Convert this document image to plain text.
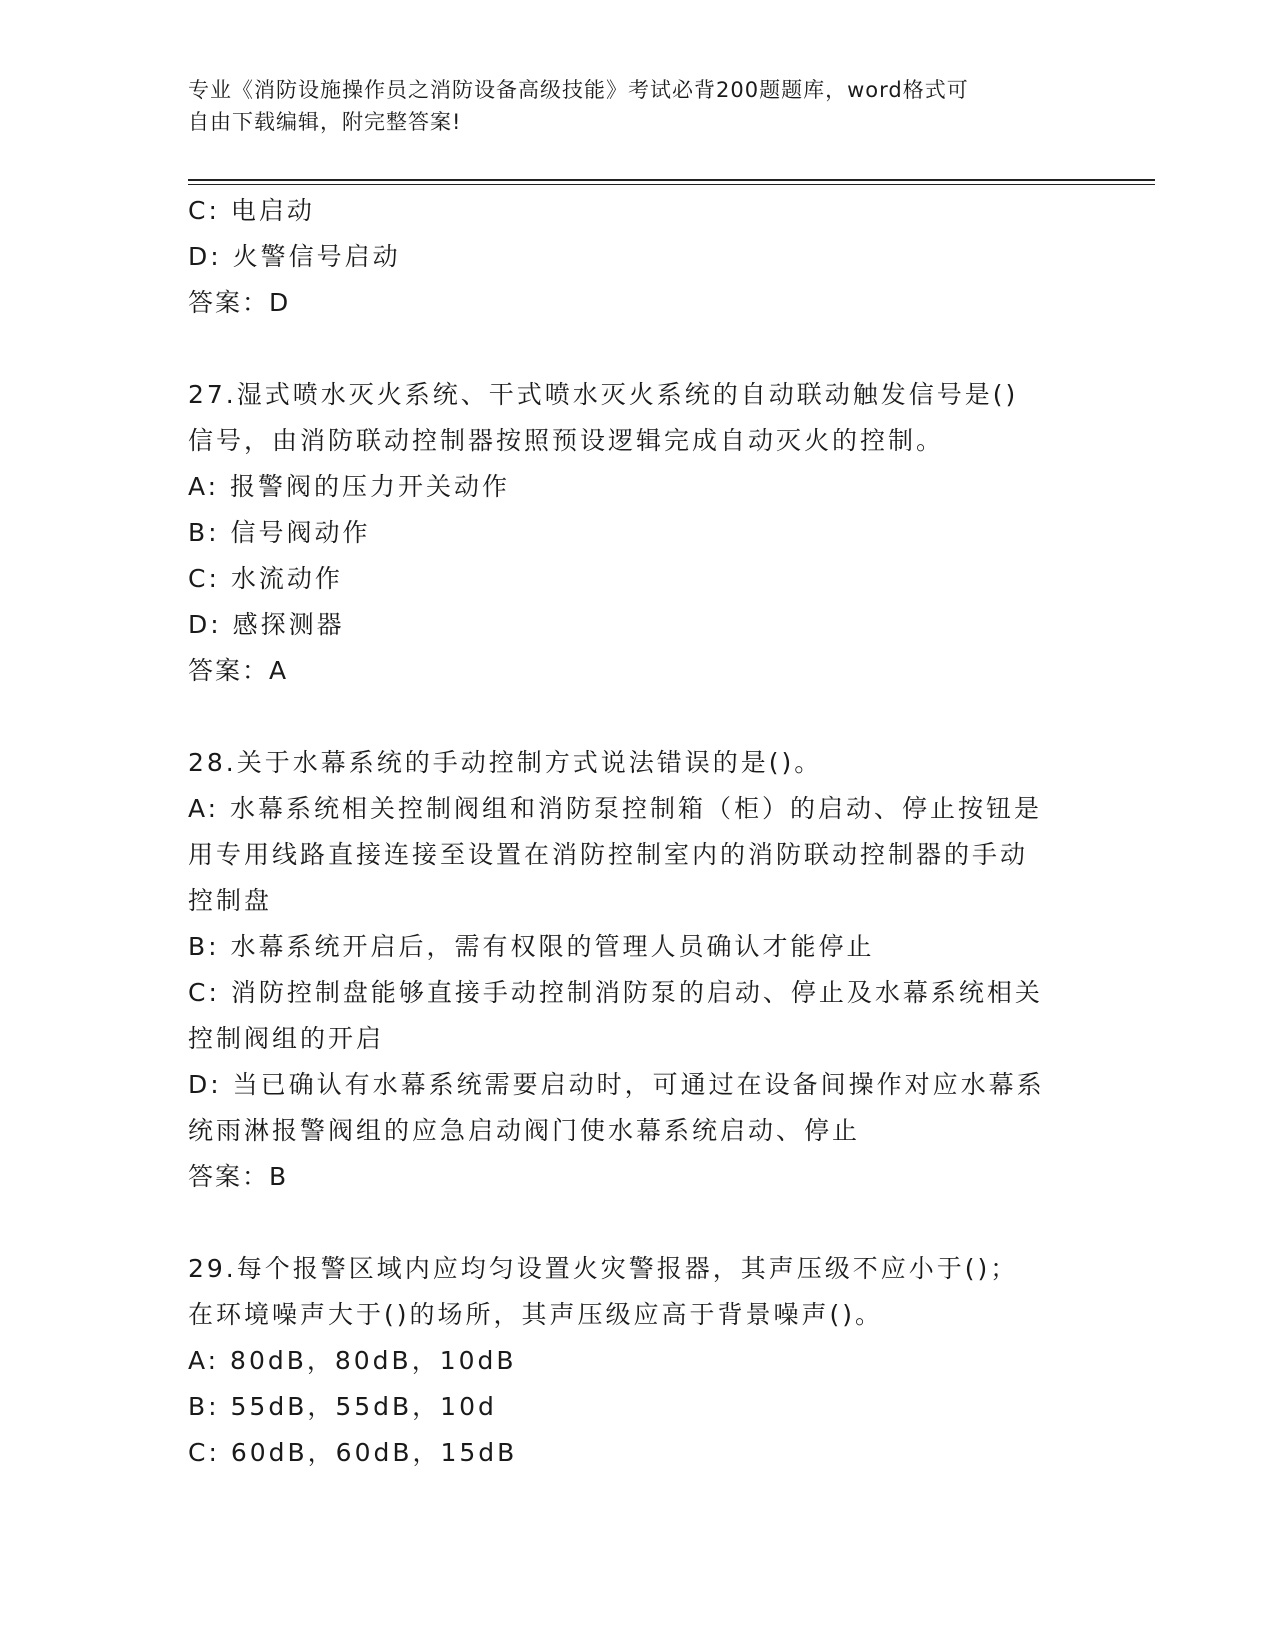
专业《消防设施操作员之消防设备高级技能》考试必背200题题库，word格式可
自由下载编辑，附完整答案!
C: 电启动
D: 火警信号启动
答案：D
27.湿式喷水灭火系统、干式喷水灭火系统的自动联动触发信号是()
信号，由消防联动控制器按照预设逻辑完成自动灭火的控制。
A: 报警阀的压力开关动作
B: 信号阀动作
C: 水流动作
D: 感探测器
答案：A
28.关于水幕系统的手动控制方式说法错误的是()。
A: 水幕系统相关控制阀组和消防泵控制箱（柜）的启动、停止按钮是
用专用线路直接连接至设置在消防控制室内的消防联动控制器的手动
控制盘
B: 水幕系统开启后，需有权限的管理人员确认才能停止
C: 消防控制盘能够直接手动控制消防泵的启动、停止及水幕系统相关
控制阀组的开启
D: 当已确认有水幕系统需要启动时，可通过在设备间操作对应水幕系
统雨淋报警阀组的应急启动阀门使水幕系统启动、停止
答案：B
29.每个报警区域内应均匀设置火灾警报器，其声压级不应小于()；
在环境噪声大于()的场所，其声压级应高于背景噪声()。
A: 80dB，80dB，10dB
B: 55dB，55dB，10d
C: 60dB，60dB，15dB
